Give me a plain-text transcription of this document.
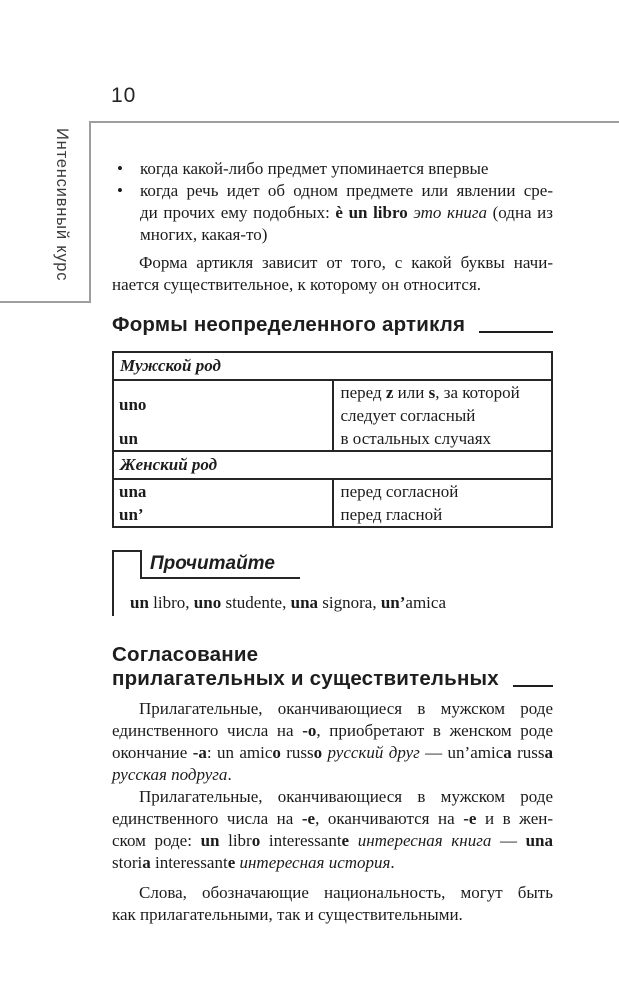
10
Интенсивный курс	•	когда какой-либо предмет упоминается впервые
•	когда речь идет об одном предмете или явлении сре-
ди прочих ему подобных: è un libro это книга (одна из
многих, какая-то)
Форма артикля зависит от того, с какой буквы начи-
нается существительное, к которому он относится.
Формы неопределенного артикля
Мужской род	
uno	перед z или s, за которой следует согласный
un	в остальных случаях
Женский род	
una	перед согласной
un’	перед гласной
Прочитайте
un libro, uno studente, una signora, un’amica
Согласование
прилагательных и существительных
Прилагательные, оканчивающиеся в мужском роде
единственного числа на -o, приобретают в женском роде
окончание -a: un amico russo русский друг — un’amica russa
русская подруга.
Прилагательные, оканчивающиеся в мужском роде
единственного числа на -e, оканчиваются на -e и в жен-
ском роде: un libro interessante интересная книга — una
storia interessante интересная история.
Слова, обозначающие национальность, могут быть
как прилагательными, так и существительными.
